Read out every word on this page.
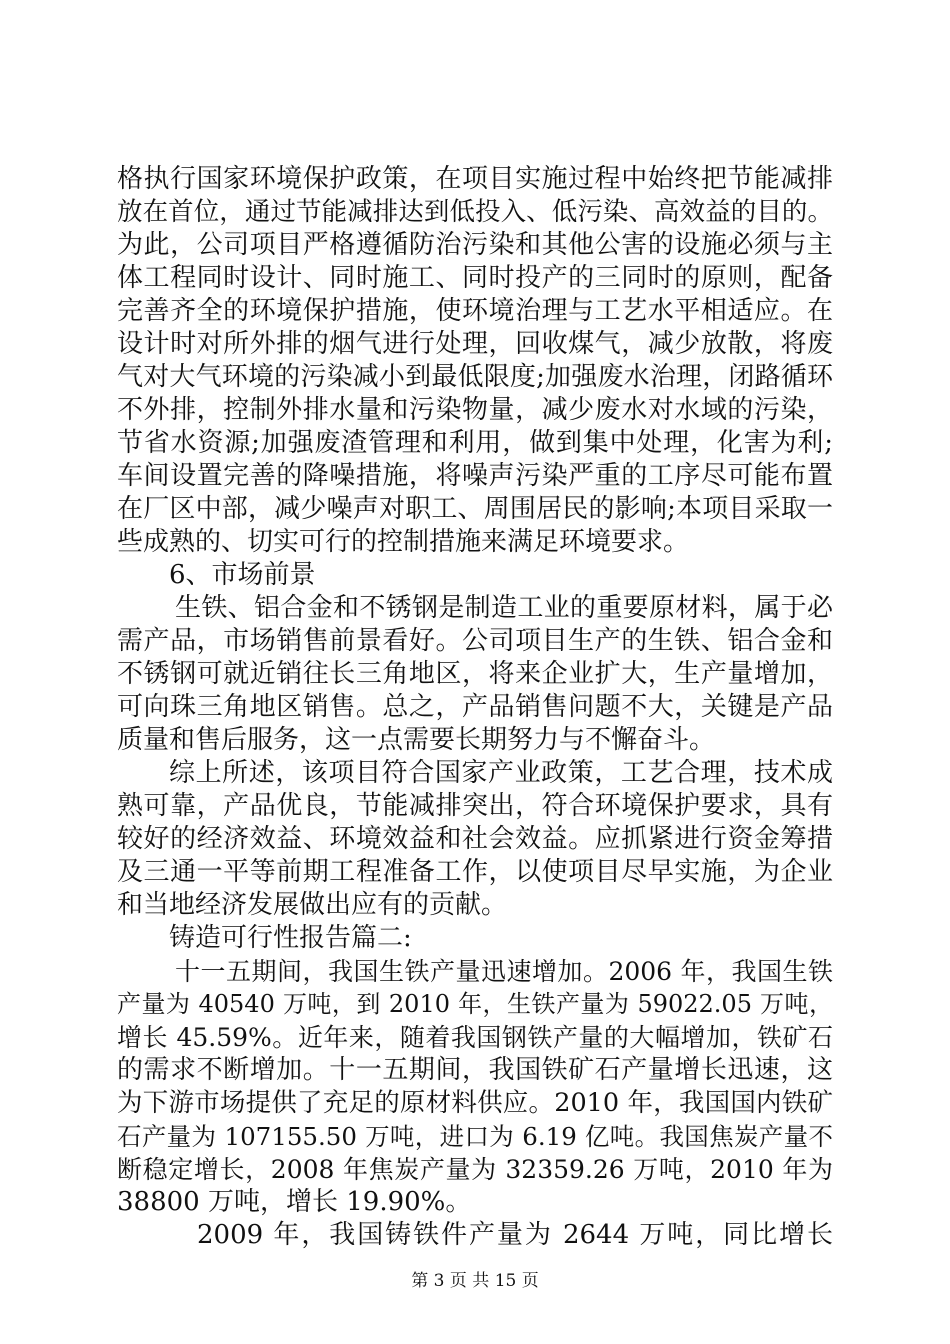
格执行国家环境保护政策，在项目实施过程中始终把节能减排
放在首位，通过节能减排达到低投入、低污染、高效益的目的。
为此，公司项目严格遵循防治污染和其他公害的设施必须与主
体工程同时设计、同时施工、同时投产的三同时的原则，配备
完善齐全的环境保护措施，使环境治理与工艺水平相适应。在
设计时对所外排的烟气进行处理，回收煤气，减少放散，将废
气对大气环境的污染减小到最低限度;加强废水治理，闭路循环
不外排，控制外排水量和污染物量，减少废水对水域的污染，
节省水资源;加强废渣管理和利用，做到集中处理，化害为利;
车间设置完善的降噪措施，将噪声污染严重的工序尽可能布置
在厂区中部，减少噪声对职工、周围居民的影响;本项目采取一
些成熟的、切实可行的控制措施来满足环境要求。
6、市场前景
生铁、铝合金和不锈钢是制造工业的重要原材料，属于必
需产品，市场销售前景看好。公司项目生产的生铁、铝合金和
不锈钢可就近销往长三角地区，将来企业扩大，生产量增加，
可向珠三角地区销售。总之，产品销售问题不大，关键是产品
质量和售后服务，这一点需要长期努力与不懈奋斗。
综上所述，该项目符合国家产业政策，工艺合理，技术成
熟可靠，产品优良，节能减排突出，符合环境保护要求，具有
较好的经济效益、环境效益和社会效益。应抓紧进行资金筹措
及三通一平等前期工程准备工作，以使项目尽早实施，为企业
和当地经济发展做出应有的贡献。
铸造可行性报告篇二:
十一五期间，我国生铁产量迅速增加。2006 年，我国生铁
产量为 40540 万吨，到 2010 年，生铁产量为 59022.05 万吨，
增长 45.59%。近年来，随着我国钢铁产量的大幅增加，铁矿石
的需求不断增加。十一五期间，我国铁矿石产量增长迅速，这
为下游市场提供了充足的原材料供应。2010 年，我国国内铁矿
石产量为 107155.50 万吨，进口为 6.19 亿吨。我国焦炭产量不
断稳定增长，2008 年焦炭产量为 32359.26 万吨，2010 年为
38800 万吨，增长 19.90%。
2009 年，我国铸铁件产量为 2644 万吨，同比增长
第 3 页 共 15 页
